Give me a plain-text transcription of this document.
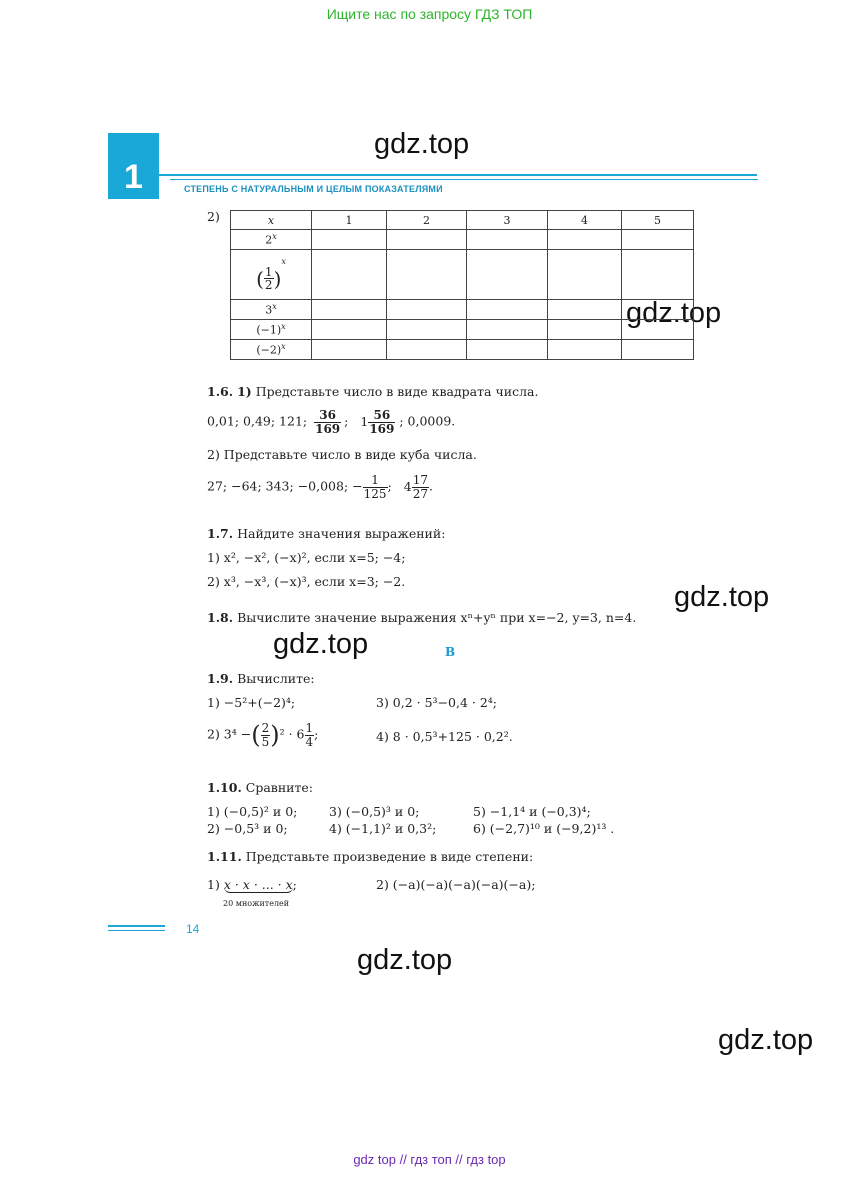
Ищите нас по запросу ГДЗ ТОП
gdz.top
gdz.top
gdz.top
gdz.top
gdz.top
gdz.top
1	СТЕПЕНЬ С НАТУРАЛЬНЫМ И ЦЕЛЫМ ПОКАЗАТЕЛЯМИ
2)	x	1	2	3	4	5
2$^x$					
( $\frac{1}{2} )^x$					
3$^x$					
$(-1)^x$					
$(-2)^x$					
1.6. 1) Представьте число в виде квадрата числа.
0,01; 0,49; 121; $\frac{36}{169}$ ; $1 \frac{56}{169}$ ; 0,0009.
2) Представьте число в виде куба числа.
27; −64; 343; −0,008; − $\frac{1}{125}$ ; $4 \frac{17}{27}$ .
1.7. Найдите значения выражений:
1) x², −x², (−x)², если x=5; −4;
2) x³, −x³, (−x)³, если x=3; −2.
1.8. Вычислите значение выражения xⁿ+yⁿ при x=−2, y=3, n=4.
B
1.9. Вычислите:
1) −5²+(−2)⁴;	3) 0,2 · 5³−0,4 · 2⁴;
2) 3⁴ −( $\frac{2}{5} )^2 \cdot 6 \frac{1}{4}$ ;	4) 8 · 0,5³+125 · 0,2².
1.10. Сравните:
1) (−0,5)² и 0;	3) (−0,5)³ и 0;	5) −1,1⁴ и (−0,3)⁴;
2) −0,5³ и 0;	4) (−1,1)² и 0,3²;	6) (−2,7)¹⁰ и (−9,2)¹³ .
1.11. Представьте произведение в виде степени:
1) x · x · ... · x;
20 множителей
2) (−a)(−a)(−a)(−a)(−a);
14
gdz top // гдз топ // гдз top
